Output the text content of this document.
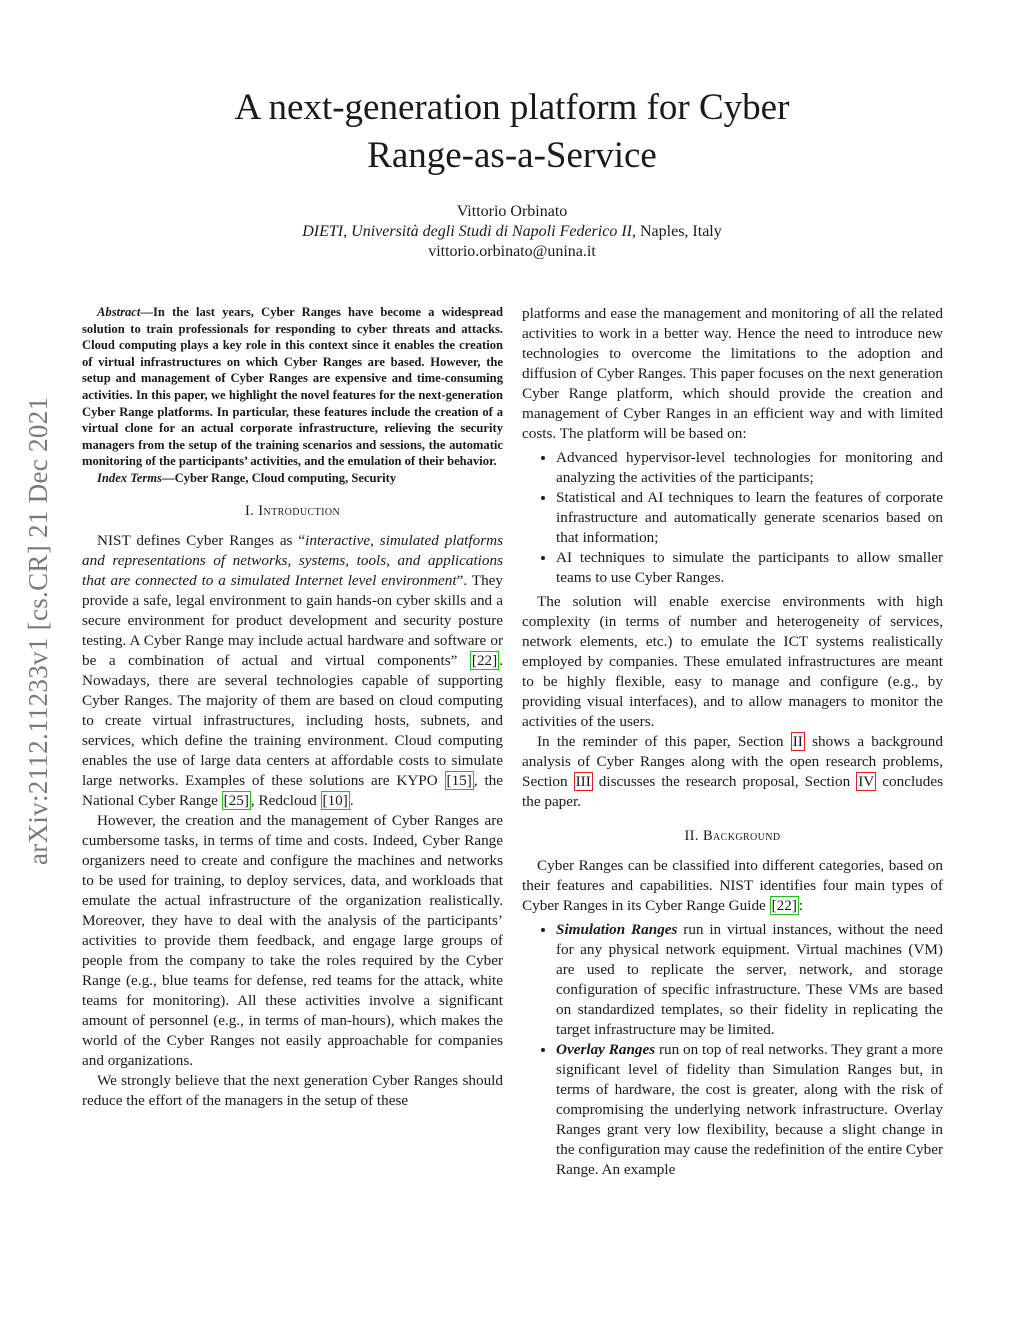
arXiv:2112.11233v1 [cs.CR] 21 Dec 2021
A next-generation platform for Cyber
Range-as-a-Service
Vittorio Orbinato
DIETI, Università degli Studi di Napoli Federico II, Naples, Italy
vittorio.orbinato@unina.it

Abstract—In the last years, Cyber Ranges have become a widespread solution to train professionals for responding to cyber threats and attacks. Cloud computing plays a key role in this context since it enables the creation of virtual infrastructures on which Cyber Ranges are based. However, the setup and management of Cyber Ranges are expensive and time-consuming activities. In this paper, we highlight the novel features for the next-generation Cyber Range platforms. In particular, these features include the creation of a virtual clone for an actual corporate infrastructure, relieving the security managers from the setup of the training scenarios and sessions, the automatic monitoring of the participants’ activities, and the emulation of their behavior.

Index Terms—Cyber Range, Cloud computing, Security

I. Introduction

NIST defines Cyber Ranges as “interactive, simulated platforms and representations of networks, systems, tools, and applications that are connected to a simulated Internet level environment”. They provide a safe, legal environment to gain hands-on cyber skills and a secure environment for product development and security posture testing. A Cyber Range may include actual hardware and software or be a combination of actual and virtual components” [22] . Nowadays, there are several technologies capable of supporting Cyber Ranges. The majority of them are based on cloud computing to create virtual infrastructures, including hosts, subnets, and services, which define the training environment. Cloud computing enables the use of large data centers at affordable costs to simulate large networks. Examples of these solutions are KYPO [15] , the National Cyber Range [25] , Redcloud [10] .

However, the creation and the management of Cyber Ranges are cumbersome tasks, in terms of time and costs. Indeed, Cyber Range organizers need to create and configure the machines and networks to be used for training, to deploy services, data, and workloads that emulate the actual infrastructure of the organization realistically. Moreover, they have to deal with the analysis of the participants’ activities to provide them feedback, and engage large groups of people from the company to take the roles required by the Cyber Range (e.g., blue teams for defense, red teams for the attack, white teams for monitoring). All these activities involve a significant amount of personnel (e.g., in terms of man-hours), which makes the world of the Cyber Ranges not easily approachable for companies and organizations.

We strongly believe that the next generation Cyber Ranges should reduce the effort of the managers in the setup of these

platforms and ease the management and monitoring of all the related activities to work in a better way. Hence the need to introduce new technologies to overcome the limitations to the adoption and diffusion of Cyber Ranges. This paper focuses on the next generation Cyber Range platform, which should provide the creation and management of Cyber Ranges in an efficient way and with limited costs. The platform will be based on:

• Advanced hypervisor-level technologies for monitoring and analyzing the activities of the participants;
• Statistical and AI techniques to learn the features of corporate infrastructure and automatically generate scenarios based on that information;
• AI techniques to simulate the participants to allow smaller teams to use Cyber Ranges.

The solution will enable exercise environments with high complexity (in terms of number and heterogeneity of services, network elements, etc.) to emulate the ICT systems realistically employed by companies. These emulated infrastructures are meant to be highly flexible, easy to manage and configure (e.g., by providing visual interfaces), and to allow managers to monitor the activities of the users.

In the reminder of this paper, Section II shows a background analysis of Cyber Ranges along with the open research problems, Section III discusses the research proposal, Section IV concludes the paper.

II. Background

Cyber Ranges can be classified into different categories, based on their features and capabilities. NIST identifies four main types of Cyber Ranges in its Cyber Range Guide [22] :

• Simulation Ranges run in virtual instances, without the need for any physical network equipment. Virtual machines (VM) are used to replicate the server, network, and storage configuration of specific infrastructure. These VMs are based on standardized templates, so their fidelity in replicating the target infrastructure may be limited.
• Overlay Ranges run on top of real networks. They grant a more significant level of fidelity than Simulation Ranges but, in terms of hardware, the cost is greater, along with the risk of compromising the underlying network infrastructure. Overlay Ranges grant very low flexibility, because a slight change in the configuration may cause the redefinition of the entire Cyber Range. An example
